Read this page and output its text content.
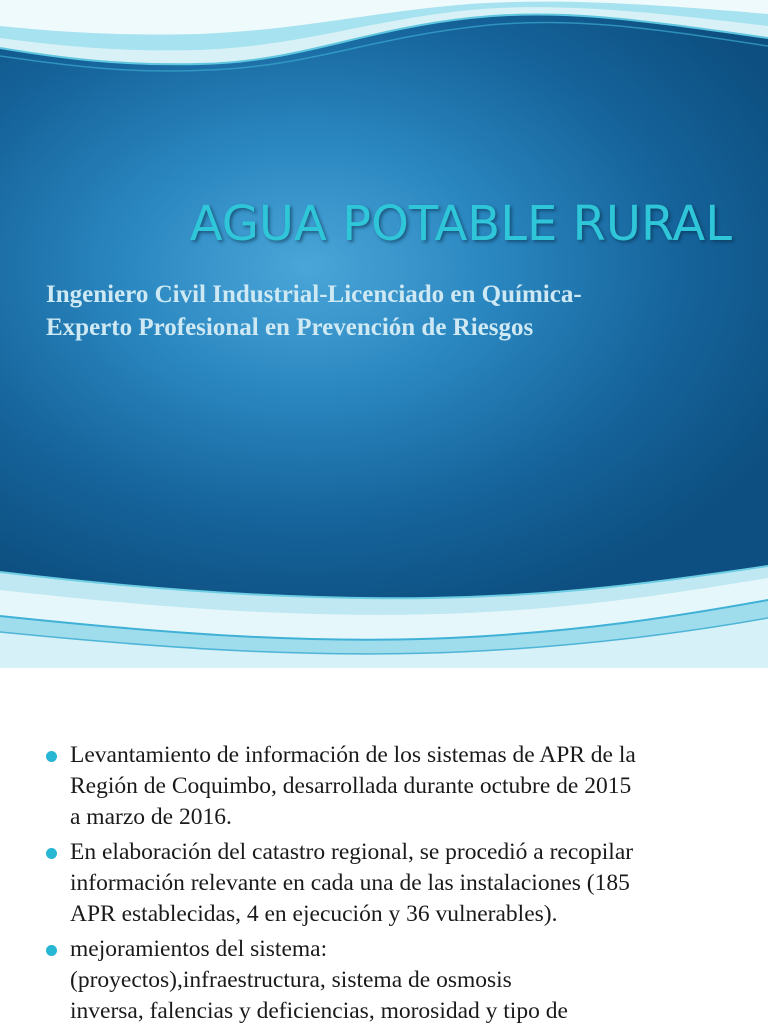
AGUA POTABLE RURAL

Ingeniero Civil Industrial-Licenciado en Química-
Experto Profesional en Prevención de Riesgos

Levantamiento de información de los sistemas de APR de la
Región de Coquimbo, desarrollada durante octubre de 2015
a marzo de 2016.
En elaboración del catastro regional, se procedió a recopilar
información relevante en cada una de las instalaciones (185
APR establecidas, 4 en ejecución y 36 vulnerables).
mejoramientos del sistema:
(proyectos),infraestructura, sistema de osmosis
inversa, falencias y deficiencias, morosidad y tipo de
